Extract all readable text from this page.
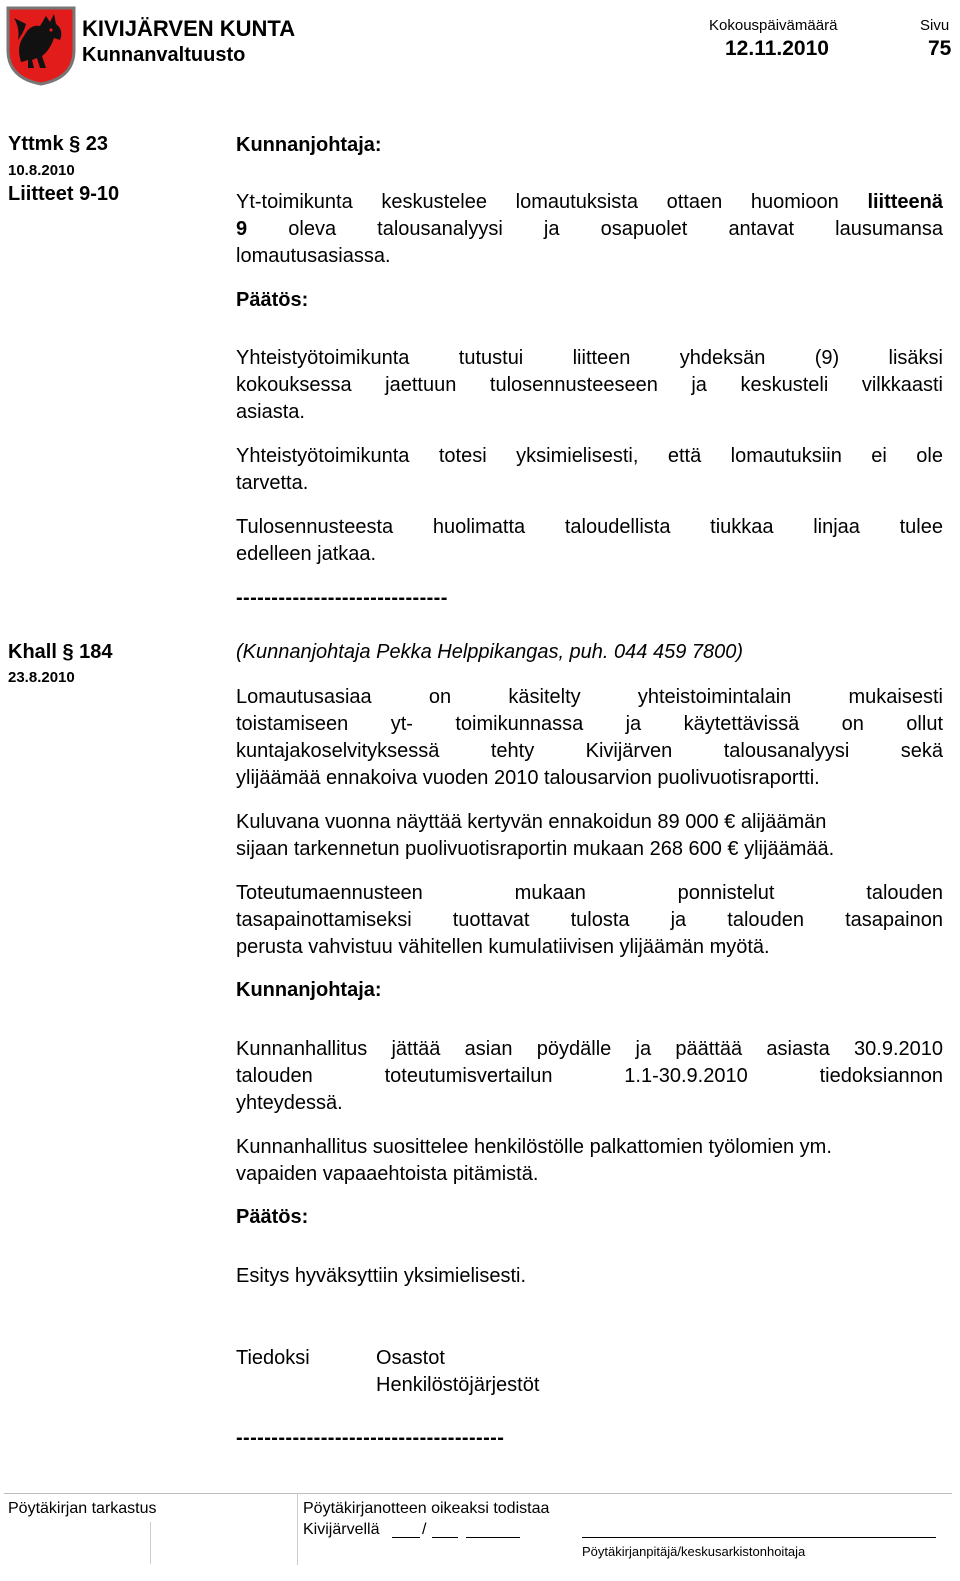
KIVIJÄRVEN KUNTA
Kunnanvaltuusto
Kokouspäivämäärä
12.11.2010
Sivu
75
Yttmk § 23
10.8.2010
Liitteet 9-10
Kunnanjohtaja:
Yt-toimikunta keskustelee lomautuksista ottaen huomioon liitteenä
9 oleva talousanalyysi ja osapuolet antavat lausumansa
lomautusasiassa.
Päätös:
Yhteistyötoimikunta tutustui liitteen yhdeksän (9) lisäksi
kokouksessa jaettuun tulosennusteeseen ja keskusteli vilkkaasti
asiasta.
Yhteistyötoimikunta totesi yksimielisesti, että lomautuksiin ei ole
tarvetta.
Tulosennusteesta huolimatta taloudellista tiukkaa linjaa tulee
edelleen jatkaa.
------------------------------
Khall § 184
23.8.2010
(Kunnanjohtaja Pekka Helppikangas, puh. 044 459 7800)
Lomautusasiaa on käsitelty yhteistoimintalain mukaisesti
toistamiseen yt- toimikunnassa ja käytettävissä on ollut
kuntajakoselvityksessä tehty Kivijärven talousanalyysi sekä
ylijäämää ennakoiva vuoden 2010 talousarvion puolivuotisraportti.
Kuluvana vuonna näyttää kertyvän ennakoidun 89 000 € alijäämän
sijaan tarkennetun puolivuotisraportin mukaan 268 600 € ylijäämää.
Toteutumaennusteen mukaan ponnistelut talouden
tasapainottamiseksi tuottavat tulosta ja talouden tasapainon
perusta vahvistuu vähitellen kumulatiivisen ylijäämän myötä.
Kunnanjohtaja:
Kunnanhallitus jättää asian pöydälle ja päättää asiasta 30.9.2010
talouden toteutumisvertailun 1.1-30.9.2010 tiedoksiannon
yhteydessä.
Kunnanhallitus suosittelee henkilöstölle palkattomien työlomien ym.
vapaiden vapaaehtoista pitämistä.
Päätös:
Esitys hyväksyttiin yksimielisesti.
Tiedoksi	Osastot
Henkilöstöjärjestöt
--------------------------------------
Pöytäkirjan tarkastus	Pöytäkirjanotteen oikeaksi todistaa
Kivijärvellä	/
Pöytäkirjanpitäjä/keskusarkistonhoitaja
